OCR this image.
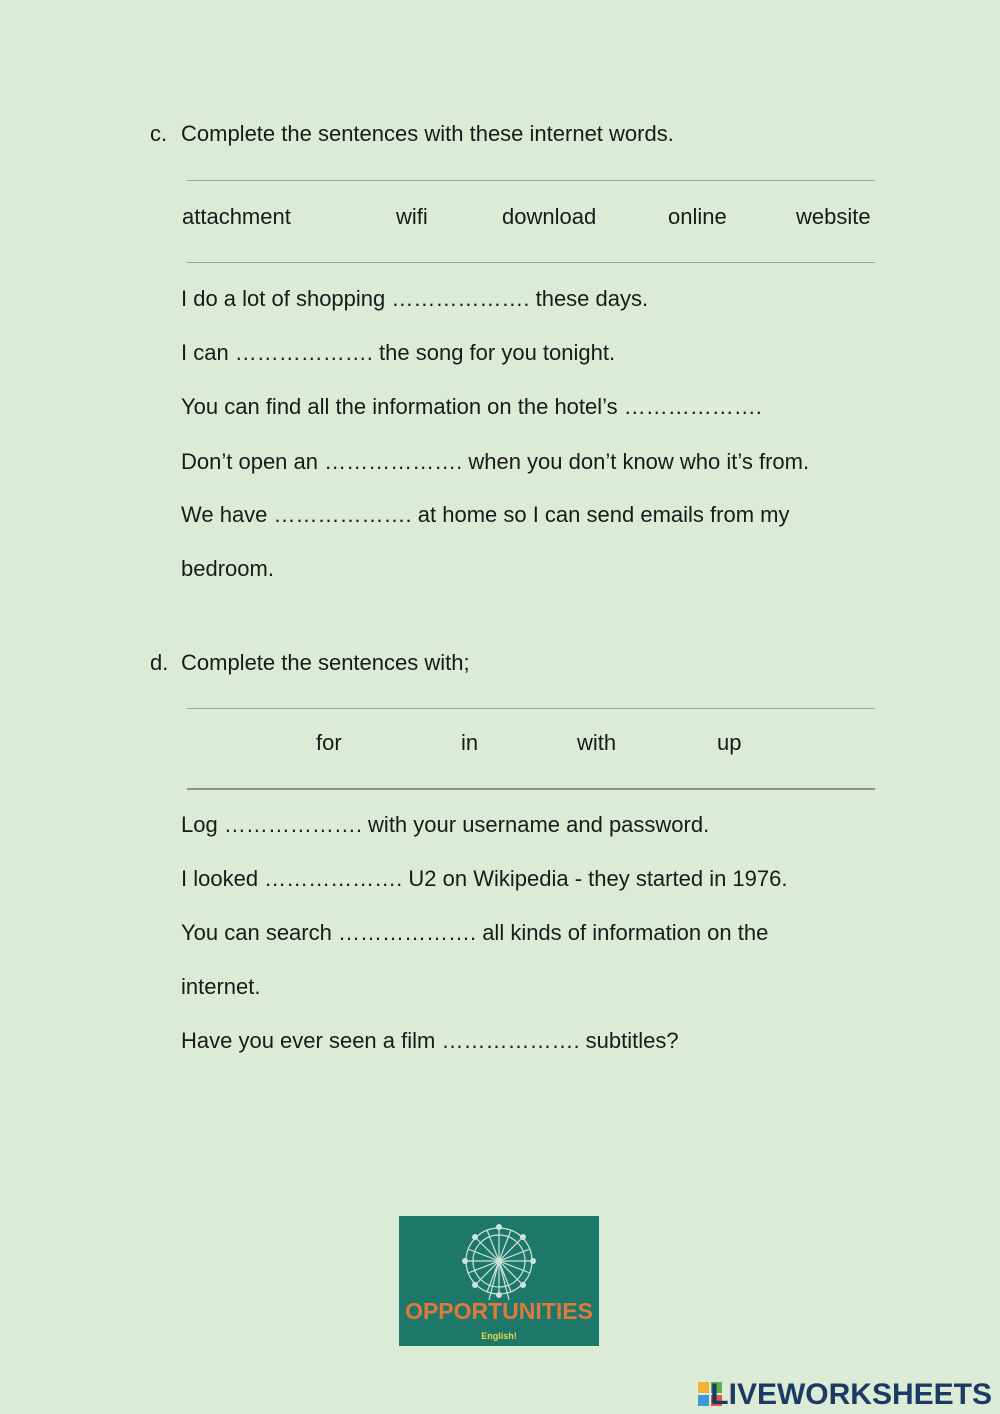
c. Complete the sentences with these internet words.
attachment	wifi	download	online	website
I do a lot of shopping ………………. these days.
I can ………………. the song for you tonight.
You can find all the information on the hotel’s ……………….
Don’t open an ………………. when you don’t know who it’s from.
We have ………………. at home so I can send emails from my
bedroom.
d. Complete the sentences with;
for	in	with	up
Log ………………. with your username and password.
I looked ………………. U2 on Wikipedia - they started in 1976.
You can search ………………. all kinds of information on the
internet.
Have you ever seen a film ………………. subtitles?
OPPORTUNITIES
English!
LIVEWORKSHEETS
